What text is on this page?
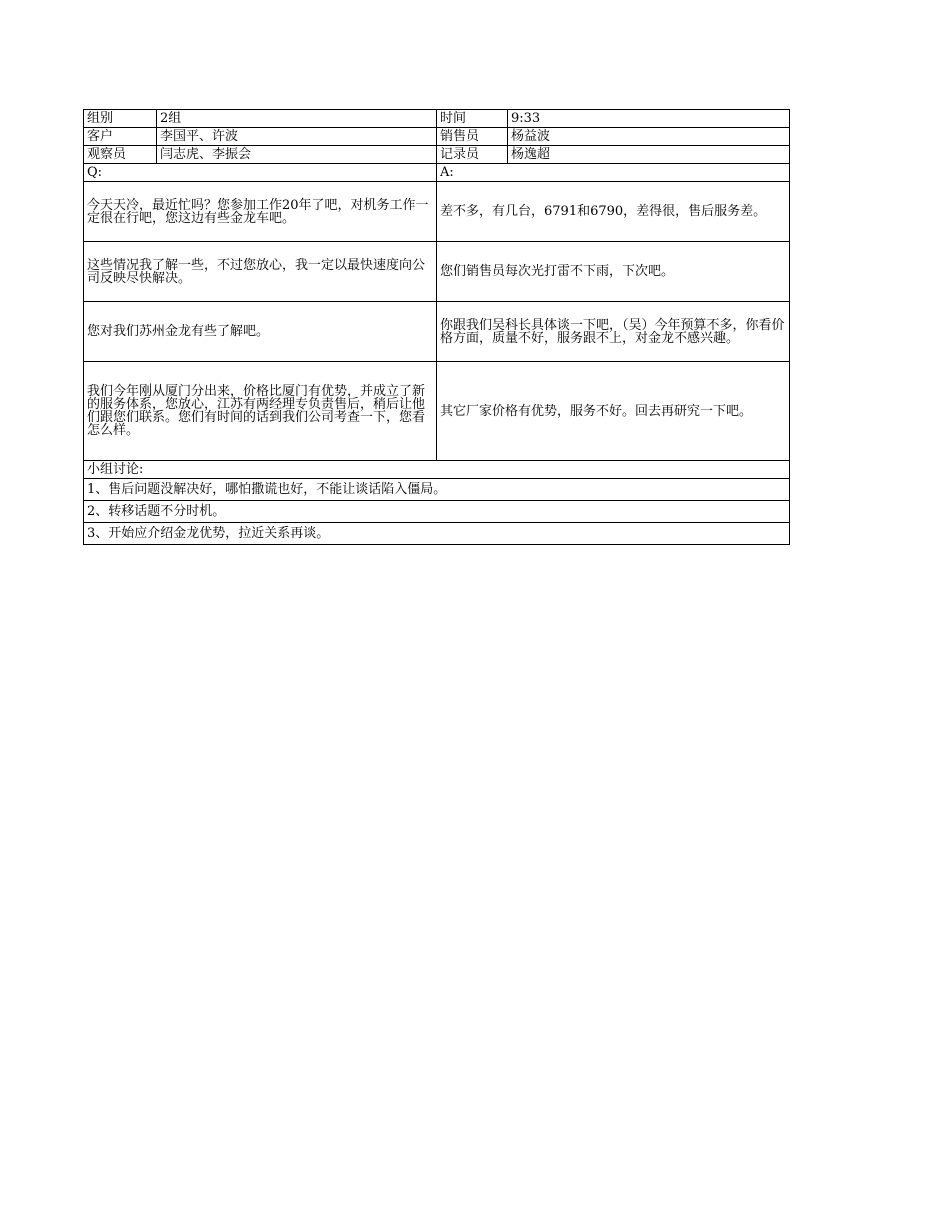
组别	2组	时间	9:33
客户	李国平、许波	销售员	杨益波
观察员	闫志虎、李振会	记录员	杨逸超
Q:		A:	
今天天冷，最近忙吗？您参加工作20年了吧，对机务工作一定很在行吧，您这边有些金龙车吧。		差不多，有几台，6791和6790，差得很，售后服务差。	
这些情况我了解一些，不过您放心，我一定以最快速度向公司反映尽快解决。		您们销售员每次光打雷不下雨，下次吧。	
您对我们苏州金龙有些了解吧。		你跟我们吴科长具体谈一下吧，（吴）今年预算不多，你看价格方面，质量不好，服务跟不上，对金龙不感兴趣。	
我们今年刚从厦门分出来，价格比厦门有优势，并成立了新的服务体系，您放心，江苏有两经理专负责售后，稍后让他们跟您们联系。您们有时间的话到我们公司考查一下，您看怎么样。		其它厂家价格有优势，服务不好。回去再研究一下吧。	
小组讨论:			
1、售后问题没解决好，哪怕撒谎也好，不能让谈话陷入僵局。			
2、转移话题不分时机。			
3、开始应介绍金龙优势，拉近关系再谈。			
